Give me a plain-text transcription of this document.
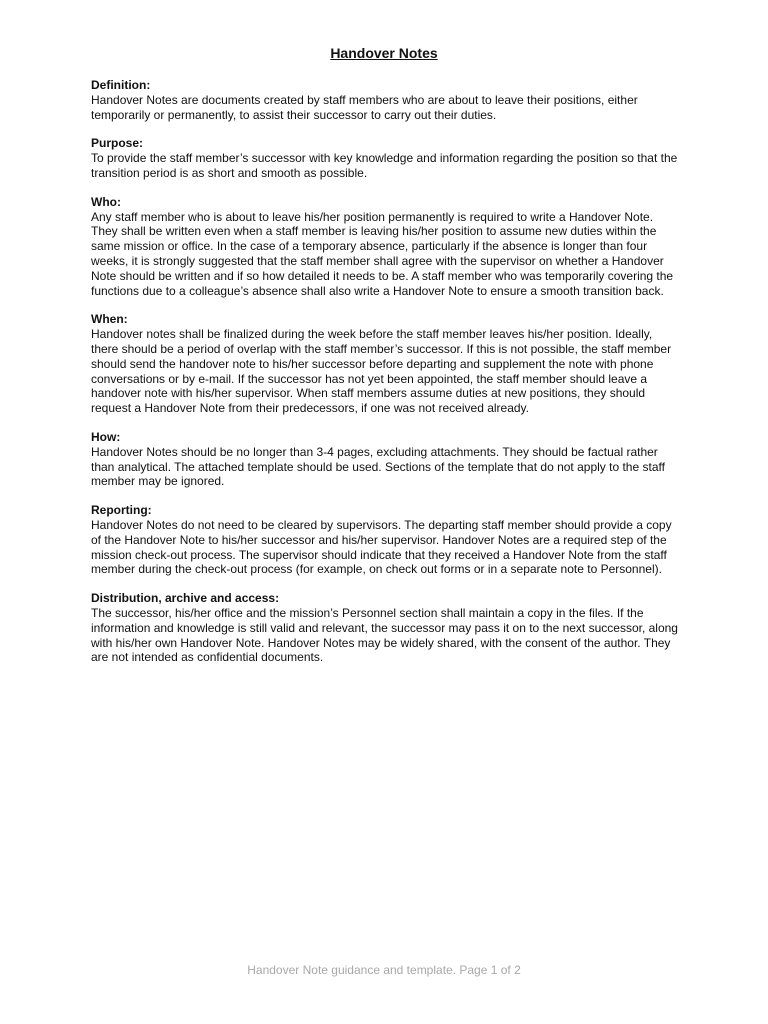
Handover Notes
Definition:
Handover Notes are documents created by staff members who are about to leave their positions, either temporarily or permanently, to assist their successor to carry out their duties.
Purpose:
To provide the staff member’s successor with key knowledge and information regarding the position so that the transition period is as short and smooth as possible.
Who:
Any staff member who is about to leave his/her position permanently is required to write a Handover Note. They shall be written even when a staff member is leaving his/her position to assume new duties within the same mission or office. In the case of a temporary absence, particularly if the absence is longer than four weeks, it is strongly suggested that the staff member shall agree with the supervisor on whether a Handover Note should be written and if so how detailed it needs to be. A staff member who was temporarily covering the functions due to a colleague’s absence shall also write a Handover Note to ensure a smooth transition back.
When:
Handover notes shall be finalized during the week before the staff member leaves his/her position. Ideally, there should be a period of overlap with the staff member’s successor. If this is not possible, the staff member should send the handover note to his/her successor before departing and supplement the note with phone conversations or by e-mail. If the successor has not yet been appointed, the staff member should leave a handover note with his/her supervisor. When staff members assume duties at new positions, they should request a Handover Note from their predecessors, if one was not received already.
How:
Handover Notes should be no longer than 3-4 pages, excluding attachments. They should be factual rather than analytical. The attached template should be used. Sections of the template that do not apply to the staff member may be ignored.
Reporting:
Handover Notes do not need to be cleared by supervisors. The departing staff member should provide a copy of the Handover Note to his/her successor and his/her supervisor. Handover Notes are a required step of the mission check-out process. The supervisor should indicate that they received a Handover Note from the staff member during the check-out process (for example, on check out forms or in a separate note to Personnel).
Distribution, archive and access:
The successor, his/her office and the mission’s Personnel section shall maintain a copy in the files. If the information and knowledge is still valid and relevant, the successor may pass it on to the next successor, along with his/her own Handover Note. Handover Notes may be widely shared, with the consent of the author. They are not intended as confidential documents.
Handover Note guidance and template. Page 1 of 2
